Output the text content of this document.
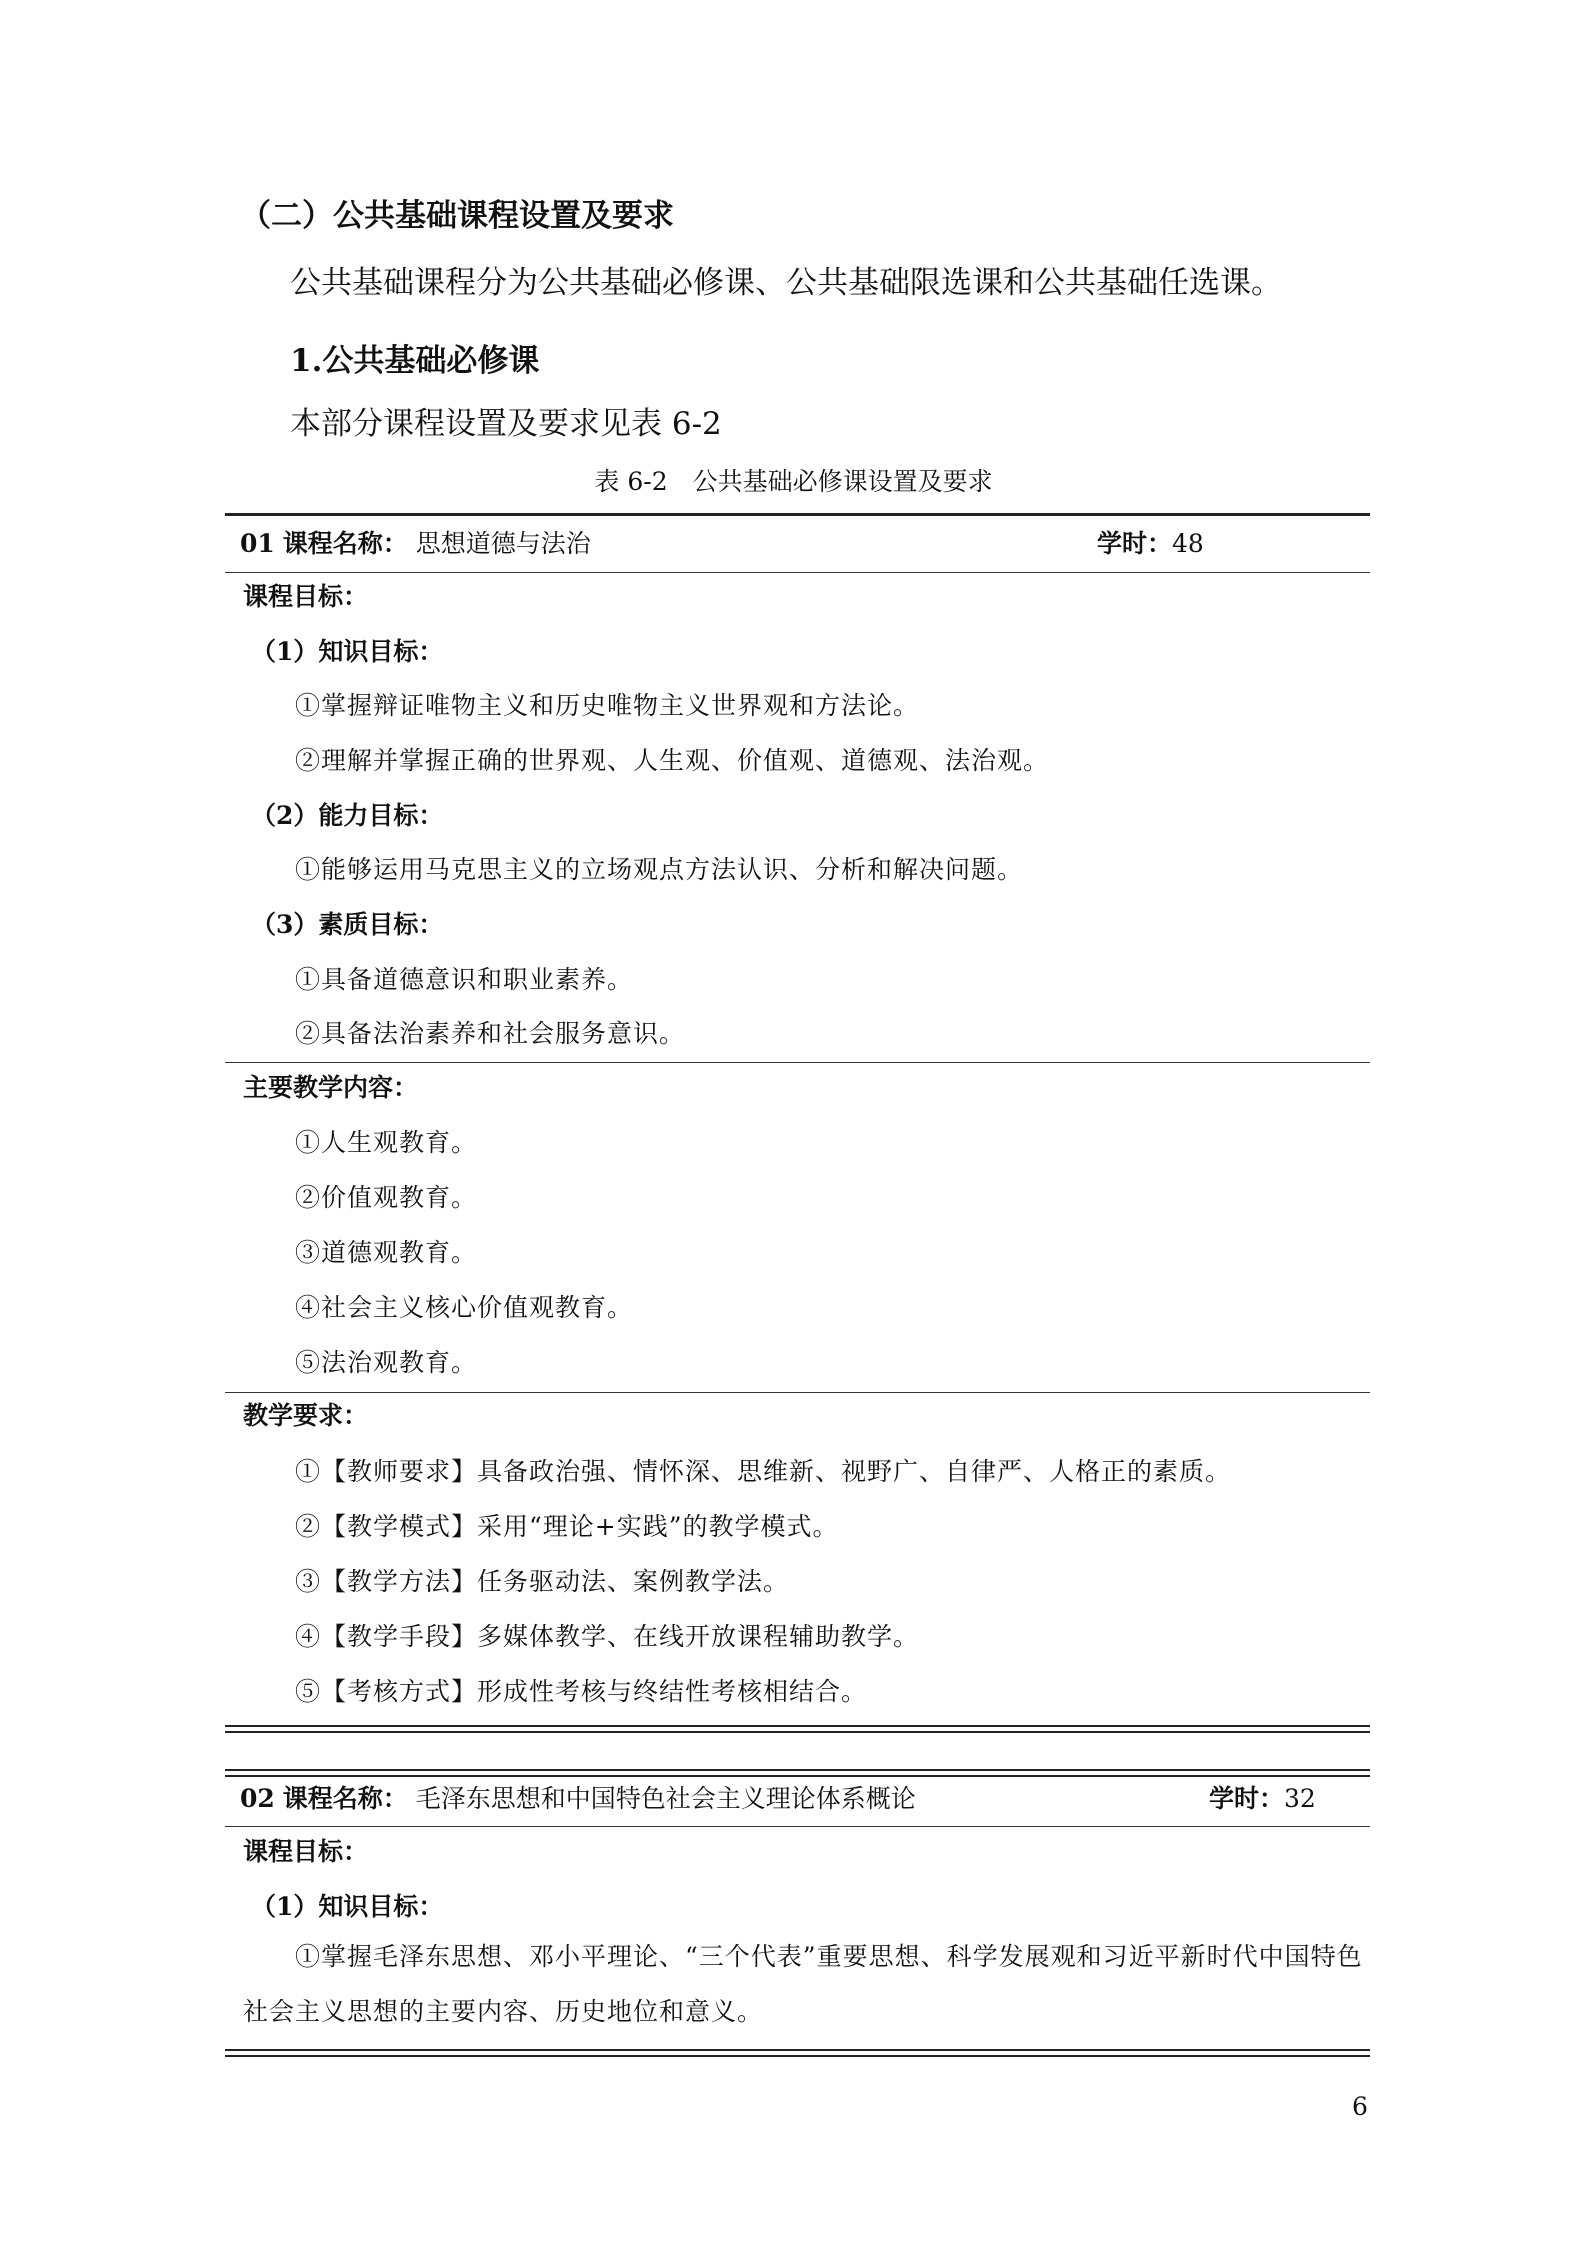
（二）公共基础课程设置及要求
公共基础课程分为公共基础必修课、公共基础限选课和公共基础任选课。
1.公共基础必修课
本部分课程设置及要求见表 6-2
表 6-2　公共基础必修课设置及要求
01 课程名称： 思想道德与法治	学时：48
课程目标：
（1）知识目标：
①掌握辩证唯物主义和历史唯物主义世界观和方法论。
②理解并掌握正确的世界观、人生观、价值观、道德观、法治观。
（2）能力目标：
①能够运用马克思主义的立场观点方法认识、分析和解决问题。
（3）素质目标：
①具备道德意识和职业素养。
②具备法治素养和社会服务意识。
主要教学内容：
①人生观教育。
②价值观教育。
③道德观教育。
④社会主义核心价值观教育。
⑤法治观教育。
教学要求：
①【教师要求】具备政治强、情怀深、思维新、视野广、自律严、人格正的素质。
②【教学模式】采用“理论+实践”的教学模式。
③【教学方法】任务驱动法、案例教学法。
④【教学手段】多媒体教学、在线开放课程辅助教学。
⑤【考核方式】形成性考核与终结性考核相结合。
02 课程名称： 毛泽东思想和中国特色社会主义理论体系概论	学时：32
课程目标：
（1）知识目标：
①掌握毛泽东思想、邓小平理论、“三个代表”重要思想、科学发展观和习近平新时代中国特色社会主义思想的主要内容、历史地位和意义。
6
